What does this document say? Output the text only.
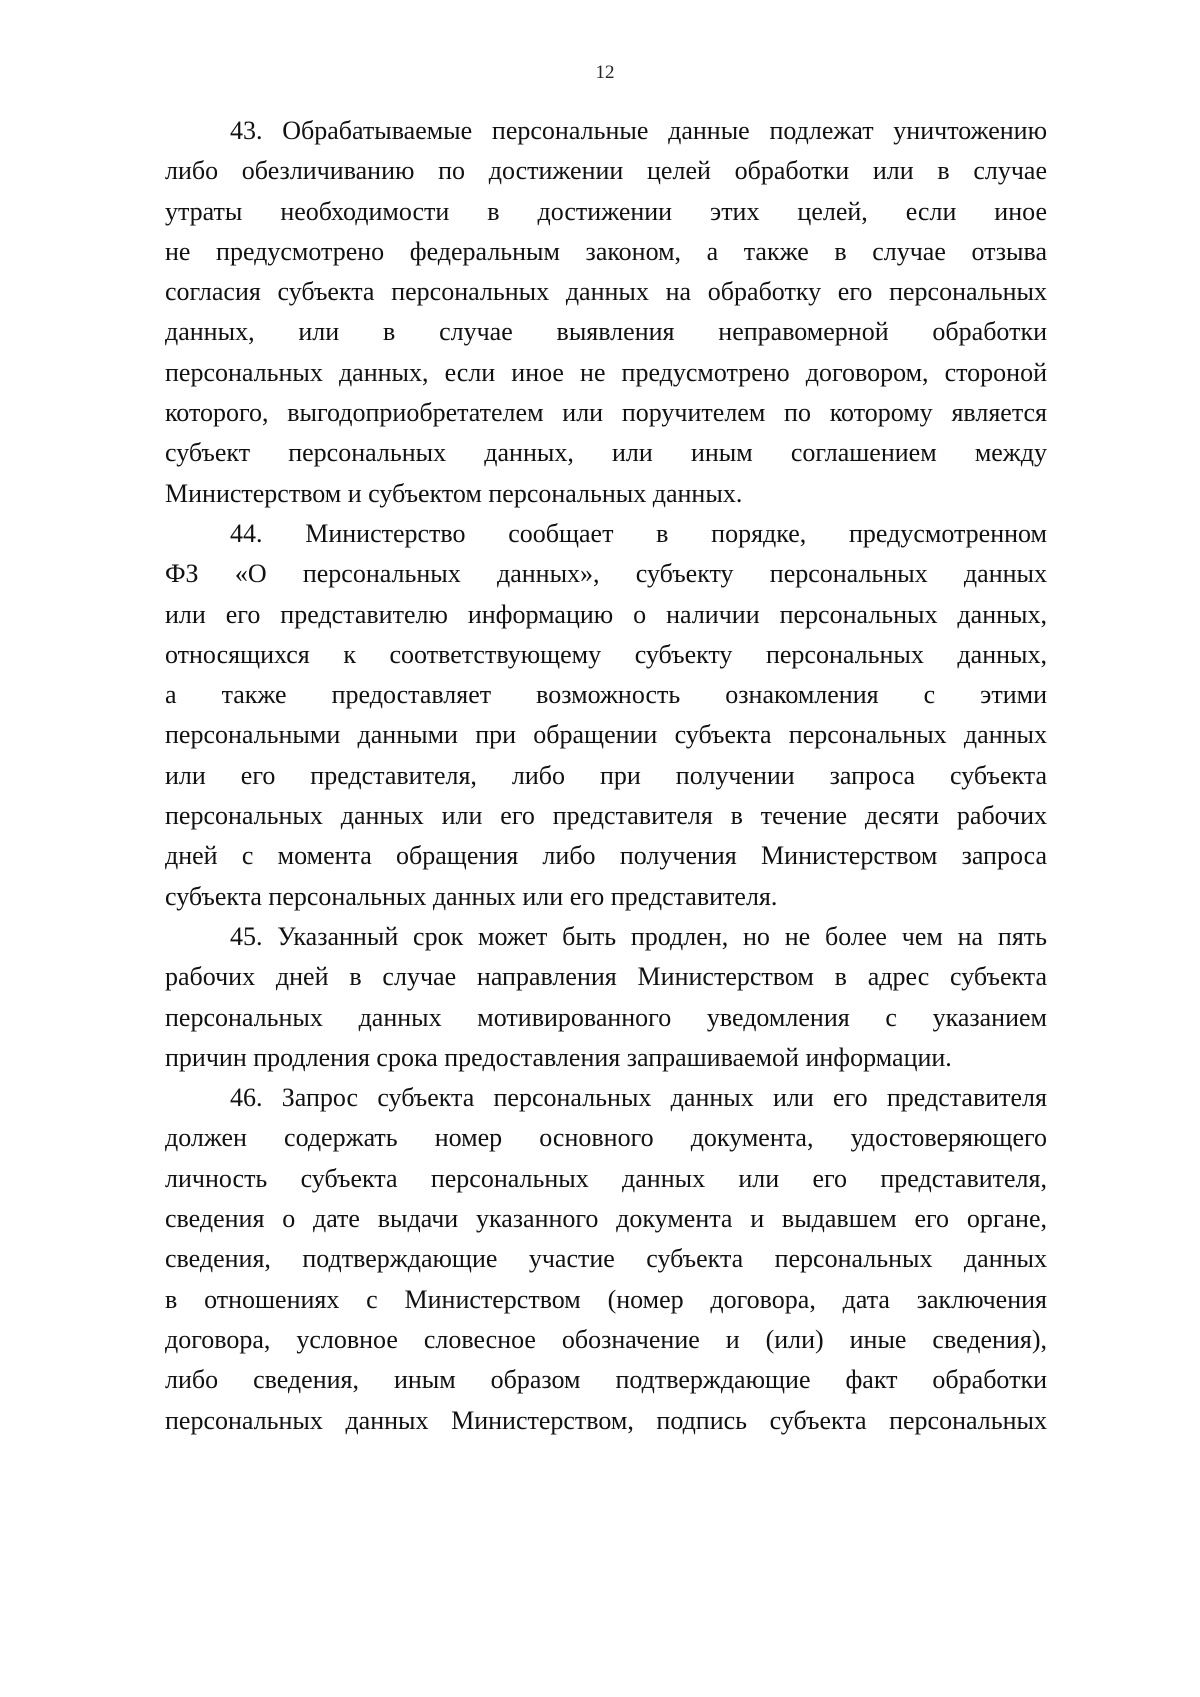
12
43. Обрабатываемые персональные данные подлежат уничтожению
либо обезличиванию по достижении целей обработки или в случае
утраты необходимости в достижении этих целей, если иное
не предусмотрено федеральным законом, а также в случае отзыва
согласия субъекта персональных данных на обработку его персональных
данных, или в случае выявления неправомерной обработки
персональных данных, если иное не предусмотрено договором, стороной
которого, выгодоприобретателем или поручителем по которому является
субъект персональных данных, или иным соглашением между
Министерством и субъектом персональных данных.
44. Министерство сообщает в порядке, предусмотренном
ФЗ «О персональных данных», субъекту персональных данных
или его представителю информацию о наличии персональных данных,
относящихся к соответствующему субъекту персональных данных,
а также предоставляет возможность ознакомления с этими
персональными данными при обращении субъекта персональных данных
или его представителя, либо при получении запроса субъекта
персональных данных или его представителя в течение десяти рабочих
дней с момента обращения либо получения Министерством запроса
субъекта персональных данных или его представителя.
45. Указанный срок может быть продлен, но не более чем на пять
рабочих дней в случае направления Министерством в адрес субъекта
персональных данных мотивированного уведомления с указанием
причин продления срока предоставления запрашиваемой информации.
46. Запрос субъекта персональных данных или его представителя
должен содержать номер основного документа, удостоверяющего
личность субъекта персональных данных или его представителя,
сведения о дате выдачи указанного документа и выдавшем его органе,
сведения, подтверждающие участие субъекта персональных данных
в отношениях с Министерством (номер договора, дата заключения
договора, условное словесное обозначение и (или) иные сведения),
либо сведения, иным образом подтверждающие факт обработки
персональных данных Министерством, подпись субъекта персональных
